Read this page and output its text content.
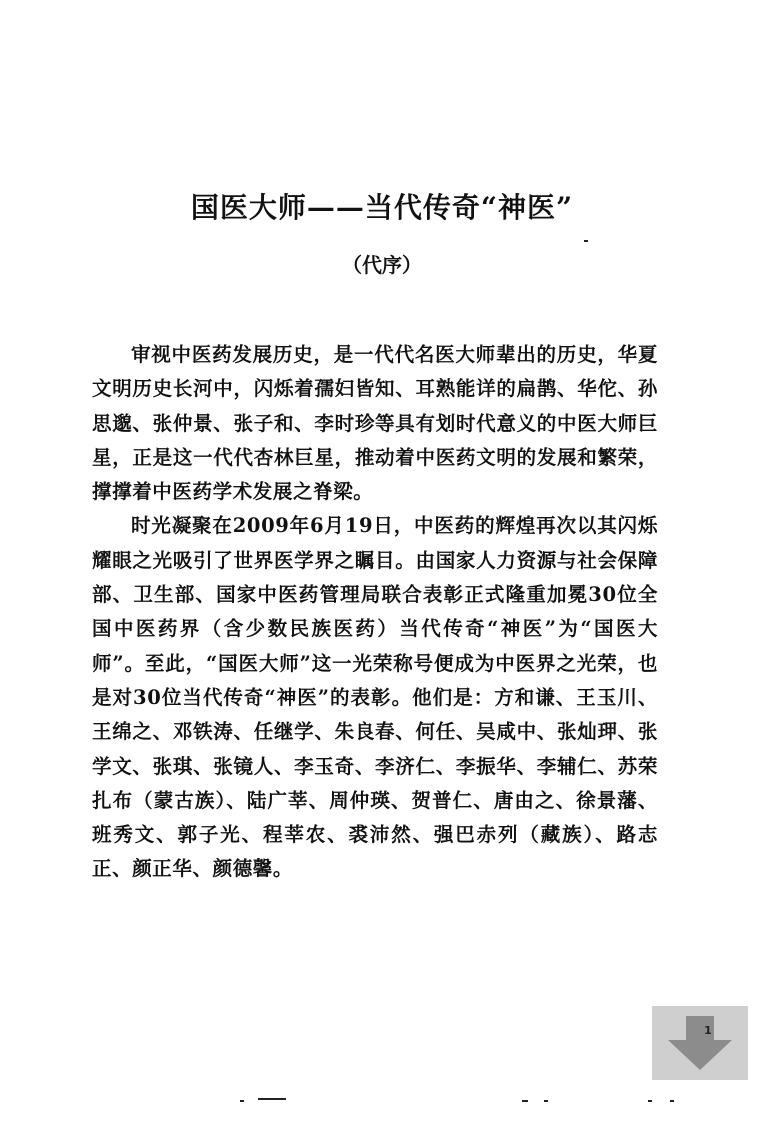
国医大师——当代传奇“神医”
（代序）

审视中医药发展历史，是一代代名医大师辈出的历史，华夏文明历史长河中，闪烁着孺妇皆知、耳熟能详的扁鹊、华佗、孙思邈、张仲景、张子和、李时珍等具有划时代意义的中医大师巨星，正是这一代代杏林巨星，推动着中医药文明的发展和繁荣，撑撑着中医药学术发展之脊梁。

时光凝聚在2009年6月19日，中医药的辉煌再次以其闪烁耀眼之光吸引了世界医学界之瞩目。由国家人力资源与社会保障部、卫生部、国家中医药管理局联合表彰正式隆重加冕30位全国中医药界（含少数民族医药）当代传奇“神医”为“国医大师”。至此，“国医大师”这一光荣称号便成为中医界之光荣，也是对30位当代传奇“神医”的表彰。他们是：方和谦、王玉川、王绵之、邓铁涛、任继学、朱良春、何任、吴咸中、张灿玾、张学文、张琪、张镜人、李玉奇、李济仁、李振华、李辅仁、苏荣扎布（蒙古族）、陆广莘、周仲瑛、贺普仁、唐由之、徐景藩、班秀文、郭子光、程莘农、裘沛然、强巴赤列（藏族）、路志正、颜正华、颜德馨。

1
